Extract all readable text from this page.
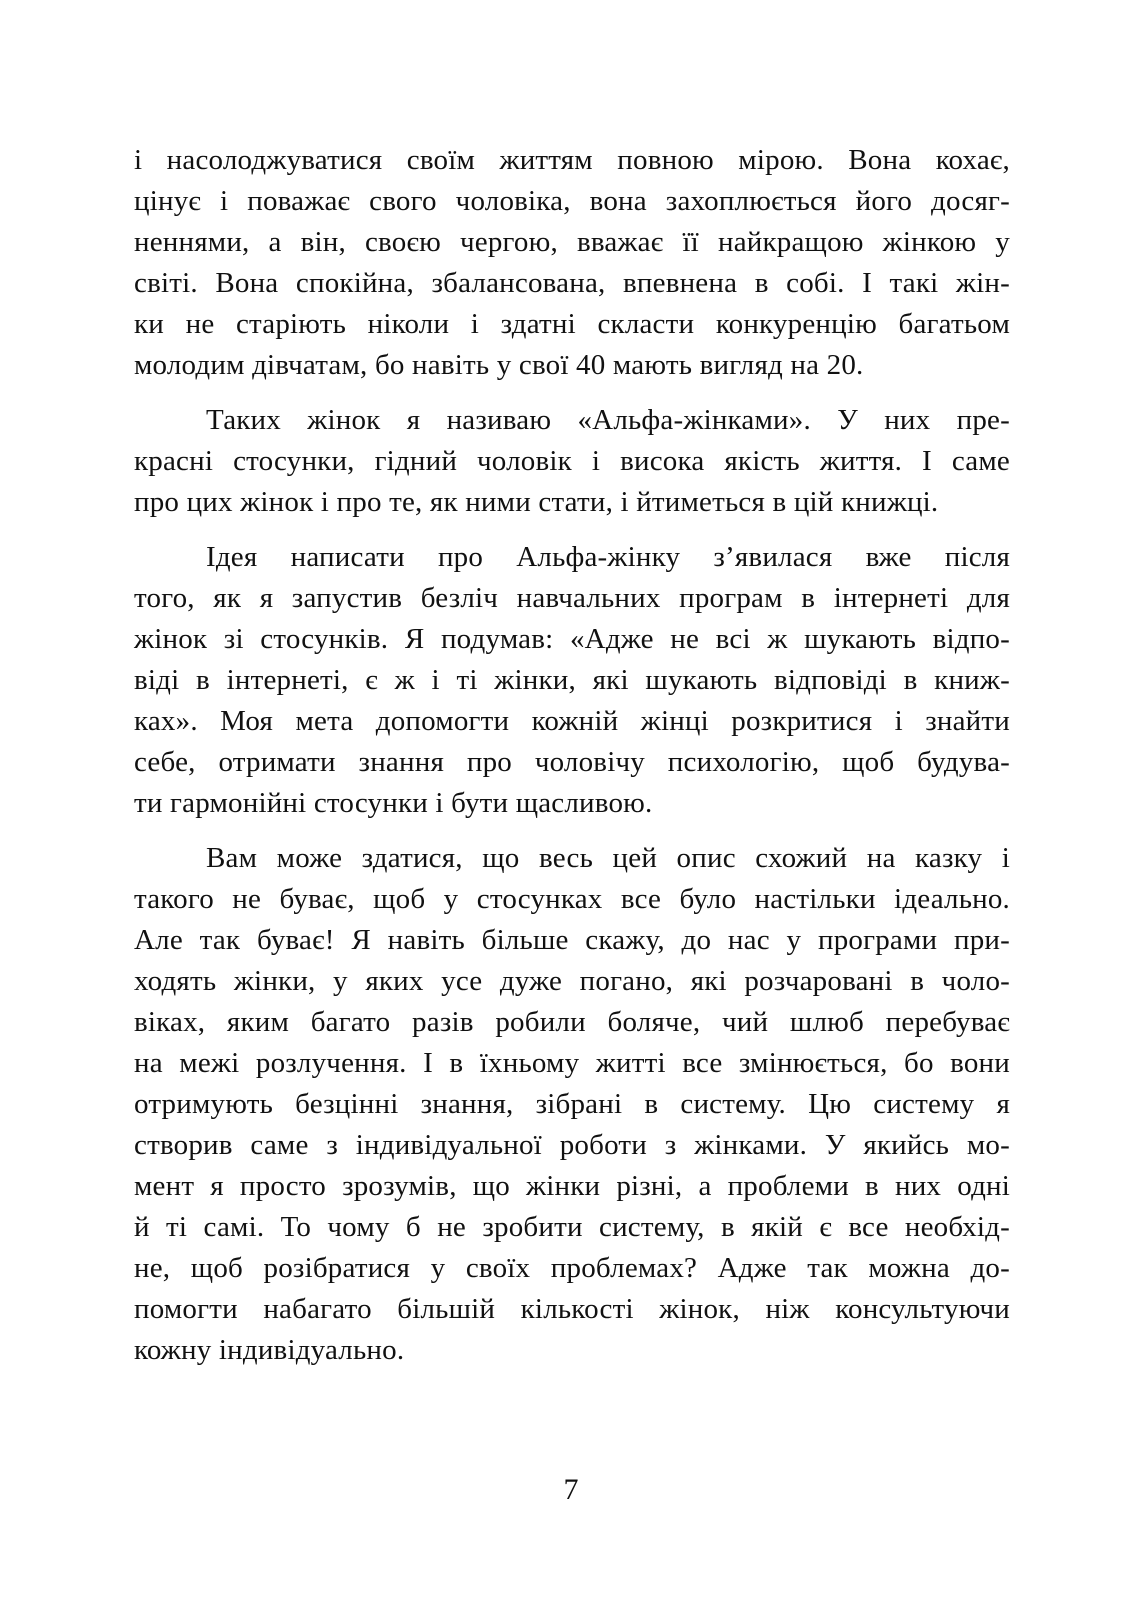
і насолоджуватися своїм життям повною мірою. Вона кохає,
цінує і поважає свого чоловіка, вона захоплюється його досяг-
неннями, а він, своєю чергою, вважає її найкращою жінкою у
світі. Вона спокійна, збалансована, впевнена в собі. І такі жін-
ки не старіють ніколи і здатні скласти конкуренцію багатьом
молодим дівчатам, бо навіть у свої 40 мають вигляд на 20.
Таких жінок я називаю «Альфа-жінками». У них пре-
красні стосунки, гідний чоловік і висока якість життя. І саме
про цих жінок і про те, як ними стати, і йтиметься в цій книжці.
Ідея написати про Альфа-жінку з’явилася вже після
того, як я запустив безліч навчальних програм в інтернеті для
жінок зі стосунків. Я подумав: «Адже не всі ж шукають відпо-
віді в інтернеті, є ж і ті жінки, які шукають відповіді в книж-
ках». Моя мета допомогти кожній жінці розкритися і знайти
себе, отримати знання про чоловічу психологію, щоб будува-
ти гармонійні стосунки і бути щасливою.
Вам може здатися, що весь цей опис схожий на казку і
такого не буває, щоб у стосунках все було настільки ідеально.
Але так буває! Я навіть більше скажу, до нас у програми при-
ходять жінки, у яких усе дуже погано, які розчаровані в чоло-
віках, яким багато разів робили боляче, чий шлюб перебуває
на межі розлучення. І в їхньому житті все змінюється, бо вони
отримують безцінні знання, зібрані в систему. Цю систему я
створив саме з індивідуальної роботи з жінками. У якийсь мо-
мент я просто зрозумів, що жінки різні, а проблеми в них одні
й ті самі. То чому б не зробити систему, в якій є все необхід-
не, щоб розібратися у своїх проблемах? Адже так можна до-
помогти набагато більшій кількості жінок, ніж консультуючи
кожну індивідуально.
7
